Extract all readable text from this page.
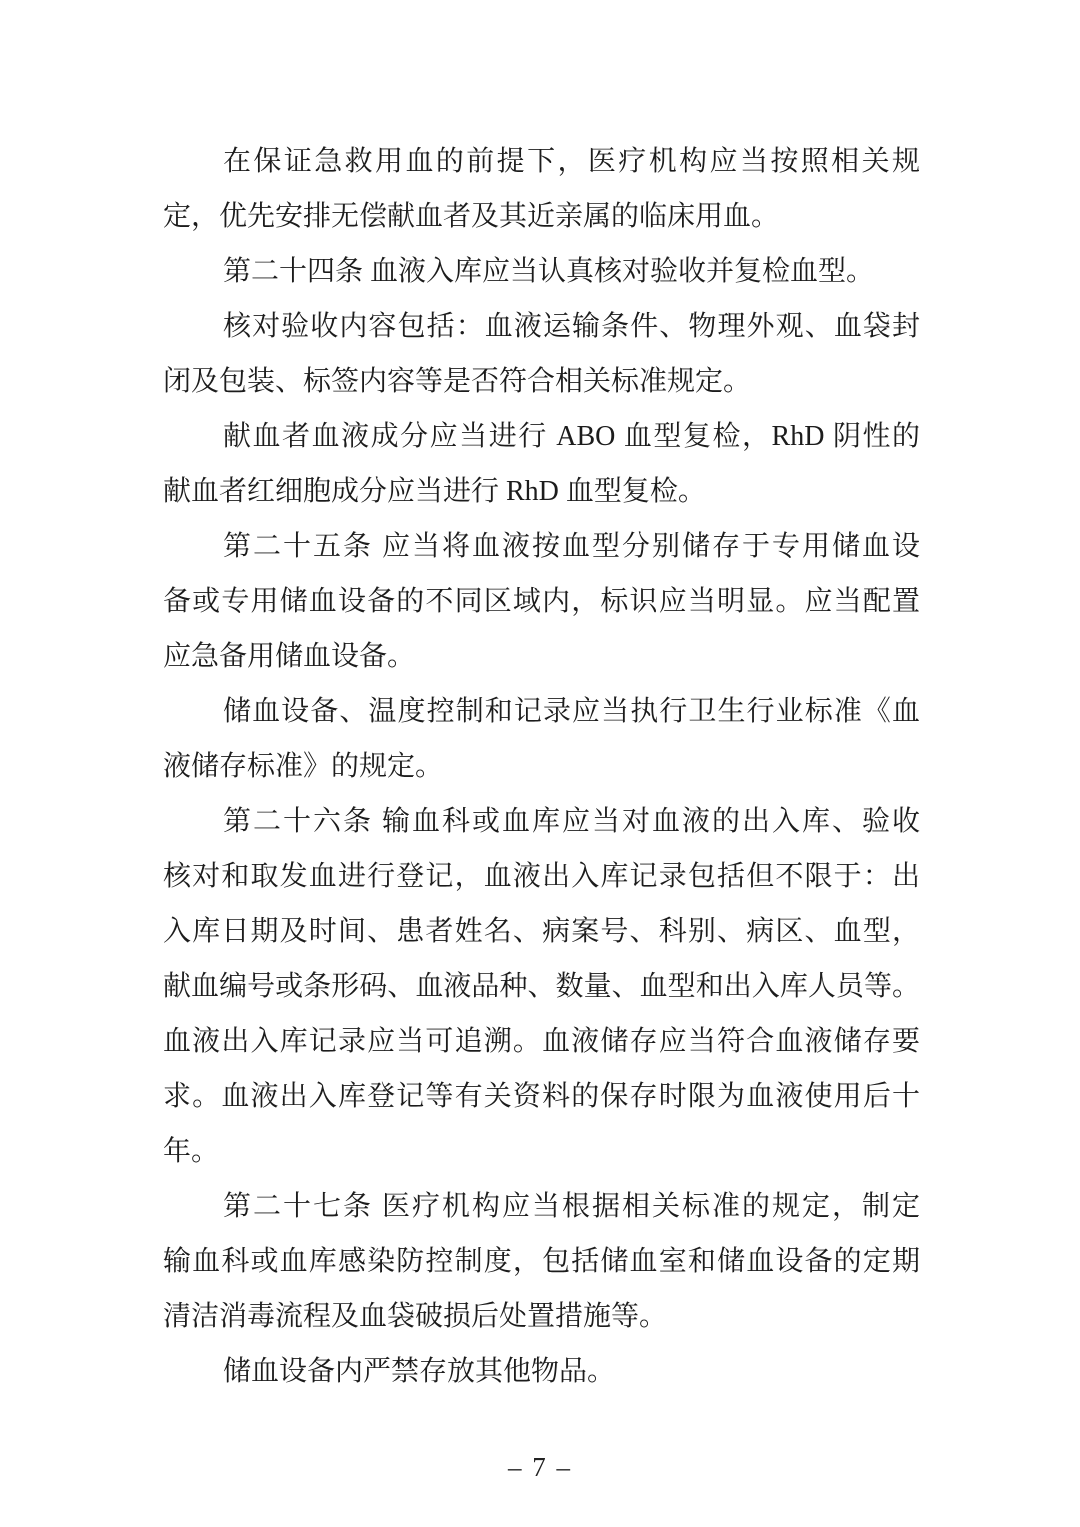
在保证急救用血的前提下，医疗机构应当按照相关规
定，优先安排无偿献血者及其近亲属的临床用血。
第二十四条 血液入库应当认真核对验收并复检血型。
核对验收内容包括：血液运输条件、物理外观、血袋封
闭及包装、标签内容等是否符合相关标准规定。
献血者血液成分应当进行 ABO 血型复检，RhD 阴性的
献血者红细胞成分应当进行 RhD 血型复检。
第二十五条 应当将血液按血型分别储存于专用储血设
备或专用储血设备的不同区域内，标识应当明显。应当配置
应急备用储血设备。
储血设备、温度控制和记录应当执行卫生行业标准《血
液储存标准》的规定。
第二十六条 输血科或血库应当对血液的出入库、验收
核对和取发血进行登记，血液出入库记录包括但不限于：出
入库日期及时间、患者姓名、病案号、科别、病区、血型，
献血编号或条形码、血液品种、数量、血型和出入库人员等。
血液出入库记录应当可追溯。血液储存应当符合血液储存要
求。血液出入库登记等有关资料的保存时限为血液使用后十
年。
第二十七条 医疗机构应当根据相关标准的规定，制定
输血科或血库感染防控制度，包括储血室和储血设备的定期
清洁消毒流程及血袋破损后处置措施等。
储血设备内严禁存放其他物品。
– 7 –
